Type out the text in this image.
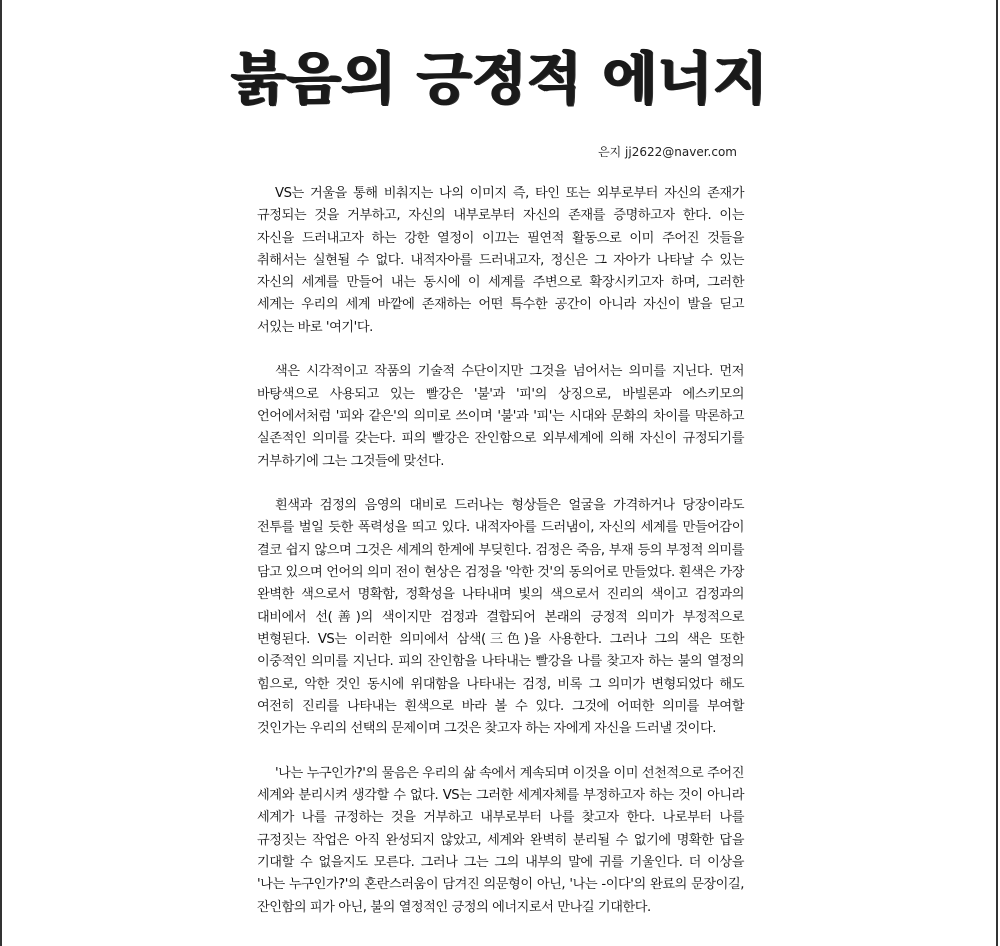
붉음의 긍정적 에너지
은지 jj2622@naver.com

VS는 거울을 통해 비춰지는 나의 이미지 즉, 타인 또는 외부로부터 자신의 존재가 규정되는 것을 거부하고, 자신의 내부로부터 자신의 존재를 증명하고자 한다. 이는 자신을 드러내고자 하는 강한 열정이 이끄는 필연적 활동으로 이미 주어진 것들을 취해서는 실현될 수 없다. 내적자아를 드러내고자, 정신은 그 자아가 나타날 수 있는 자신의 세계를 만들어 내는 동시에 이 세계를 주변으로 확장시키고자 하며, 그러한 세계는 우리의 세계 바깥에 존재하는 어떤 특수한 공간이 아니라 자신이 발을 딛고 서있는 바로 '여기'다.

색은 시각적이고 작품의 기술적 수단이지만 그것을 넘어서는 의미를 지닌다. 먼저 바탕색으로 사용되고 있는 빨강은 '불'과 '피'의 상징으로, 바빌론과 에스키모의 언어에서처럼 '피와 같은'의 의미로 쓰이며 '불'과 '피'는 시대와 문화의 차이를 막론하고 실존적인 의미를 갖는다. 피의 빨강은 잔인함으로 외부세계에 의해 자신이 규정되기를 거부하기에 그는 그것들에 맞선다.

흰색과 검정의 음영의 대비로 드러나는 형상들은 얼굴을 가격하거나 당장이라도 전투를 벌일 듯한 폭력성을 띄고 있다. 내적자아를 드러냄이, 자신의 세계를 만들어감이 결코 쉽지 않으며 그것은 세계의 한계에 부딪힌다. 검정은 죽음, 부재 등의 부정적 의미를 담고 있으며 언어의 의미 전이 현상은 검정을 '악한 것'의 동의어로 만들었다. 흰색은 가장 완벽한 색으로서 명확함, 정확성을 나타내며 빛의 색으로서 진리의 색이고 검정과의 대비에서 선(善)의 색이지만 검정과 결합되어 본래의 긍정적 의미가 부정적으로 변형된다. VS는 이러한 의미에서 삼색(三色)을 사용한다. 그러나 그의 색은 또한 이중적인 의미를 지닌다. 피의 잔인함을 나타내는 빨강을 나를 찾고자 하는 불의 열정의 힘으로, 악한 것인 동시에 위대함을 나타내는 검정, 비록 그 의미가 변형되었다 해도 여전히 진리를 나타내는 흰색으로 바라 볼 수 있다. 그것에 어떠한 의미를 부여할 것인가는 우리의 선택의 문제이며 그것은 찾고자 하는 자에게 자신을 드러낼 것이다.

'나는 누구인가?'의 물음은 우리의 삶 속에서 계속되며 이것을 이미 선천적으로 주어진 세계와 분리시켜 생각할 수 없다. VS는 그러한 세계자체를 부정하고자 하는 것이 아니라 세계가 나를 규정하는 것을 거부하고 내부로부터 나를 찾고자 한다. 나로부터 나를 규정짓는 작업은 아직 완성되지 않았고, 세계와 완벽히 분리될 수 없기에 명확한 답을 기대할 수 없을지도 모른다. 그러나 그는 그의 내부의 말에 귀를 기울인다. 더 이상을 '나는 누구인가?'의 혼란스러움이 담겨진 의문형이 아닌, '나는 -이다'의 완료의 문장이길, 잔인함의 피가 아닌, 불의 열정적인 긍정의 에너지로서 만나길 기대한다.
